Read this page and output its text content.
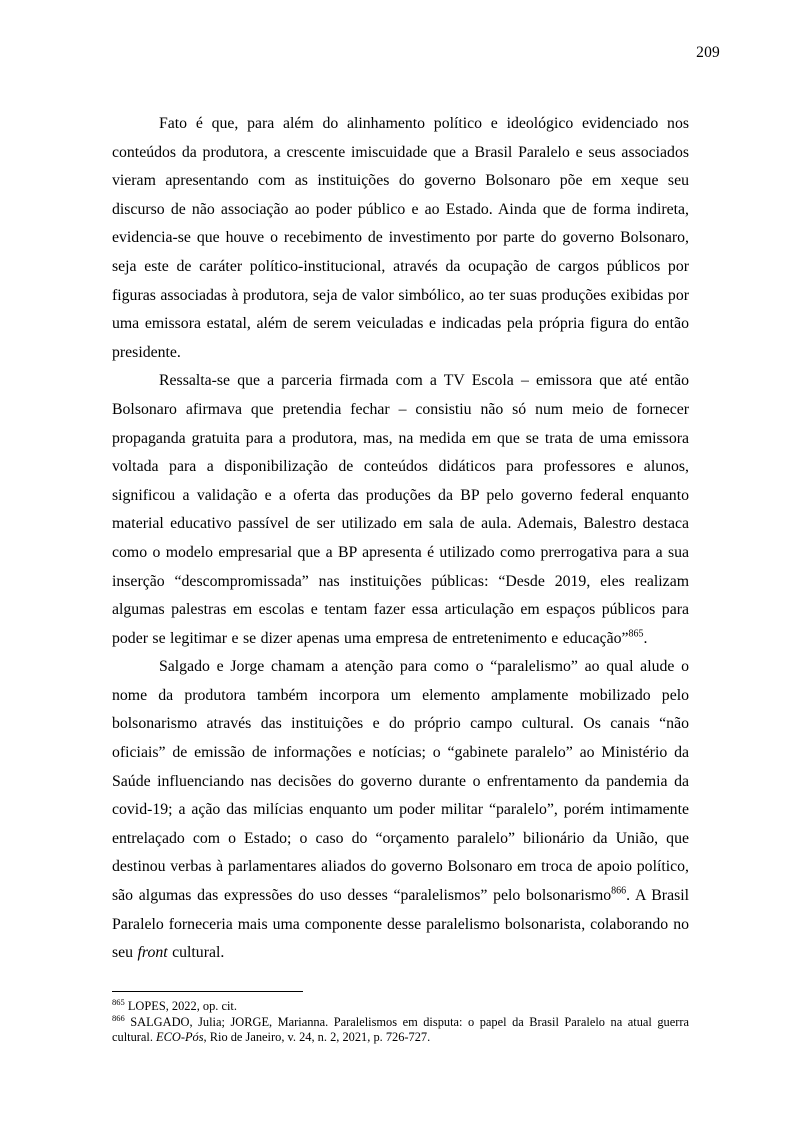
209

Fato é que, para além do alinhamento político e ideológico evidenciado nos conteúdos da produtora, a crescente imiscuidade que a Brasil Paralelo e seus associados vieram apresentando com as instituições do governo Bolsonaro põe em xeque seu discurso de não associação ao poder público e ao Estado. Ainda que de forma indireta, evidencia-se que houve o recebimento de investimento por parte do governo Bolsonaro, seja este de caráter político-institucional, através da ocupação de cargos públicos por figuras associadas à produtora, seja de valor simbólico, ao ter suas produções exibidas por uma emissora estatal, além de serem veiculadas e indicadas pela própria figura do então presidente.

Ressalta-se que a parceria firmada com a TV Escola – emissora que até então Bolsonaro afirmava que pretendia fechar – consistiu não só num meio de fornecer propaganda gratuita para a produtora, mas, na medida em que se trata de uma emissora voltada para a disponibilização de conteúdos didáticos para professores e alunos, significou a validação e a oferta das produções da BP pelo governo federal enquanto material educativo passível de ser utilizado em sala de aula. Ademais, Balestro destaca como o modelo empresarial que a BP apresenta é utilizado como prerrogativa para a sua inserção “descompromissada” nas instituições públicas: “Desde 2019, eles realizam algumas palestras em escolas e tentam fazer essa articulação em espaços públicos para poder se legitimar e se dizer apenas uma empresa de entretenimento e educação”$^{865}$.

Salgado e Jorge chamam a atenção para como o “paralelismo” ao qual alude o nome da produtora também incorpora um elemento amplamente mobilizado pelo bolsonarismo através das instituições e do próprio campo cultural. Os canais “não oficiais” de emissão de informações e notícias; o “gabinete paralelo” ao Ministério da Saúde influenciando nas decisões do governo durante o enfrentamento da pandemia da covid-19; a ação das milícias enquanto um poder militar “paralelo”, porém intimamente entrelaçado com o Estado; o caso do “orçamento paralelo” bilionário da União, que destinou verbas à parlamentares aliados do governo Bolsonaro em troca de apoio político, são algumas das expressões do uso desses “paralelismos” pelo bolsonarismo$^{866}$. A Brasil Paralelo forneceria mais uma componente desse paralelismo bolsonarista, colaborando no seu front cultural.

$^{865}$ LOPES, 2022, op. cit.

$^{866}$ SALGADO, Julia; JORGE, Marianna. Paralelismos em disputa: o papel da Brasil Paralelo na atual guerra cultural. ECO-Pós, Rio de Janeiro, v. 24, n. 2, 2021, p. 726-727.
